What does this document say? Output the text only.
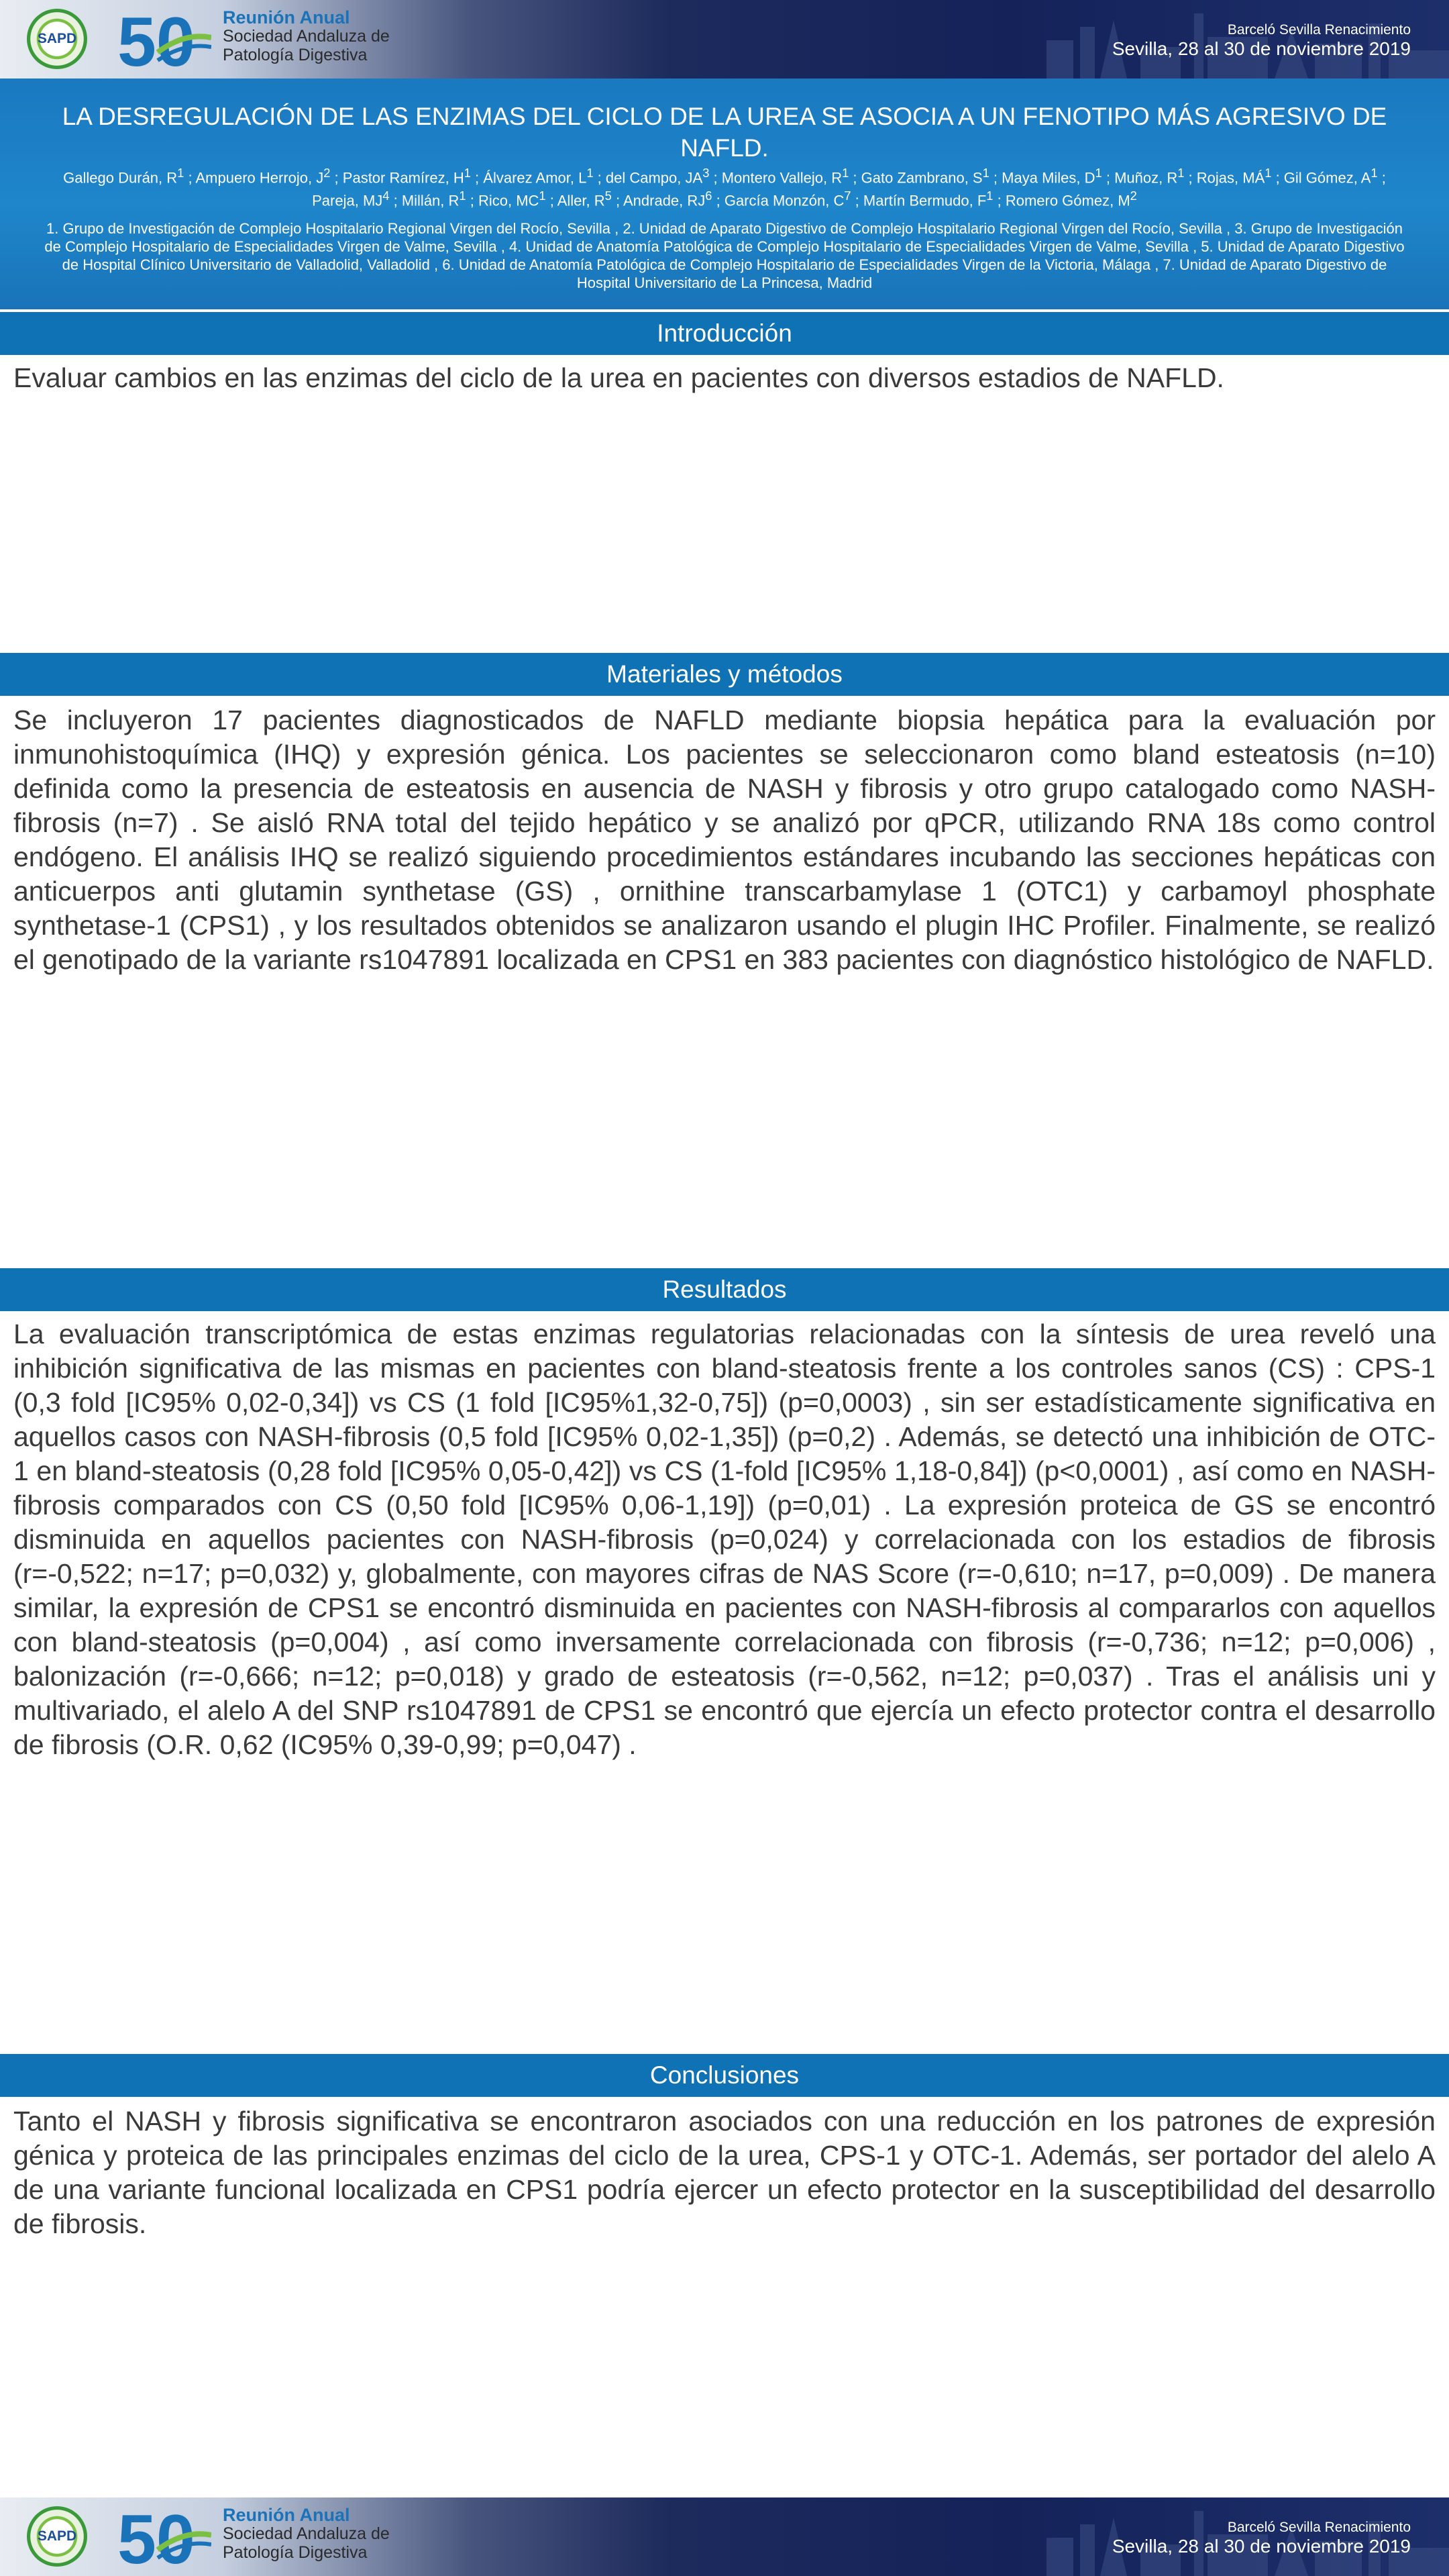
SAPD 50 Reunión Anual
Sociedad Andaluza de
Patología Digestiva
Barceló Sevilla Renacimiento
Sevilla, 28 al 30 de noviembre 2019
LA DESREGULACIÓN DE LAS ENZIMAS DEL CICLO DE LA UREA SE ASOCIA A UN FENOTIPO MÁS AGRESIVO DE NAFLD.
Gallego Durán, $R^1$ ; Ampuero Herrojo, $J^2$ ; Pastor Ramírez, $H^1$ ; Álvarez Amor, $L^1$ ; del Campo, $JA^3$ ; Montero Vallejo, $R^1$ ; Gato Zambrano, $S^1$ ; Maya Miles, $D^1$ ; Muñoz, $R^1$ ; Rojas, $MÁ^1$ ; Gil Gómez, $A^1$ ; Pareja, $MJ^4$ ; Millán, $R^1$ ; Rico, $MC^1$ ; Aller, $R^5$ ; Andrade, $RJ^6$ ; García Monzón, $C^7$ ; Martín Bermudo, $F^1$ ; Romero Gómez, $M^2$
1. Grupo de Investigación de Complejo Hospitalario Regional Virgen del Rocío, Sevilla , 2. Unidad de Aparato Digestivo de Complejo Hospitalario Regional Virgen del Rocío, Sevilla , 3. Grupo de Investigación de Complejo Hospitalario de Especialidades Virgen de Valme, Sevilla , 4. Unidad de Anatomía Patológica de Complejo Hospitalario de Especialidades Virgen de Valme, Sevilla , 5. Unidad de Aparato Digestivo de Hospital Clínico Universitario de Valladolid, Valladolid , 6. Unidad de Anatomía Patológica de Complejo Hospitalario de Especialidades Virgen de la Victoria, Málaga , 7. Unidad de Aparato Digestivo de Hospital Universitario de La Princesa, Madrid
Introducción
Evaluar cambios en las enzimas del ciclo de la urea en pacientes con diversos estadios de NAFLD.
Materiales y métodos
Se incluyeron 17 pacientes diagnosticados de NAFLD mediante biopsia hepática para la evaluación por inmunohistoquímica (IHQ) y expresión génica. Los pacientes se seleccionaron como bland esteatosis (n=10) definida como la presencia de esteatosis en ausencia de NASH y fibrosis y otro grupo catalogado como NASH-fibrosis (n=7) . Se aisló RNA total del tejido hepático y se analizó por qPCR, utilizando RNA 18s como control endógeno. El análisis IHQ se realizó siguiendo procedimientos estándares incubando las secciones hepáticas con anticuerpos anti glutamin synthetase (GS) , ornithine transcarbamylase 1 (OTC1) y carbamoyl phosphate synthetase-1 (CPS1) , y los resultados obtenidos se analizaron usando el plugin IHC Profiler. Finalmente, se realizó el genotipado de la variante rs1047891 localizada en CPS1 en 383 pacientes con diagnóstico histológico de NAFLD.
Resultados
La evaluación transcriptómica de estas enzimas regulatorias relacionadas con la síntesis de urea reveló una inhibición significativa de las mismas en pacientes con bland-steatosis frente a los controles sanos (CS) : CPS-1 (0,3 fold [IC95% 0,02-0,34]) vs CS (1 fold [IC95%1,32-0,75]) (p=0,0003) , sin ser estadísticamente significativa en aquellos casos con NASH-fibrosis (0,5 fold [IC95% 0,02-1,35]) (p=0,2) . Además, se detectó una inhibición de OTC-1 en bland-steatosis (0,28 fold [IC95% 0,05-0,42]) vs CS (1-fold [IC95% 1,18-0,84]) (p<0,0001) , así como en NASH-fibrosis comparados con CS (0,50 fold [IC95% 0,06-1,19]) (p=0,01) . La expresión proteica de GS se encontró disminuida en aquellos pacientes con NASH-fibrosis (p=0,024) y correlacionada con los estadios de fibrosis (r=-0,522; n=17; p=0,032) y, globalmente, con mayores cifras de NAS Score (r=-0,610; n=17, p=0,009) . De manera similar, la expresión de CPS1 se encontró disminuida en pacientes con NASH-fibrosis al compararlos con aquellos con bland-steatosis (p=0,004) , así como inversamente correlacionada con fibrosis (r=-0,736; n=12; p=0,006) , balonización (r=-0,666; n=12; p=0,018) y grado de esteatosis (r=-0,562, n=12; p=0,037) . Tras el análisis uni y multivariado, el alelo A del SNP rs1047891 de CPS1 se encontró que ejercía un efecto protector contra el desarrollo de fibrosis (O.R. 0,62 (IC95% 0,39-0,99; p=0,047) .
Conclusiones
Tanto el NASH y fibrosis significativa se encontraron asociados con una reducción en los patrones de expresión génica y proteica de las principales enzimas del ciclo de la urea, CPS-1 y OTC-1. Además, ser portador del alelo A de una variante funcional localizada en CPS1 podría ejercer un efecto protector en la susceptibilidad del desarrollo de fibrosis.
SAPD 50 Reunión Anual
Sociedad Andaluza de
Patología Digestiva
Barceló Sevilla Renacimiento
Sevilla, 28 al 30 de noviembre 2019
